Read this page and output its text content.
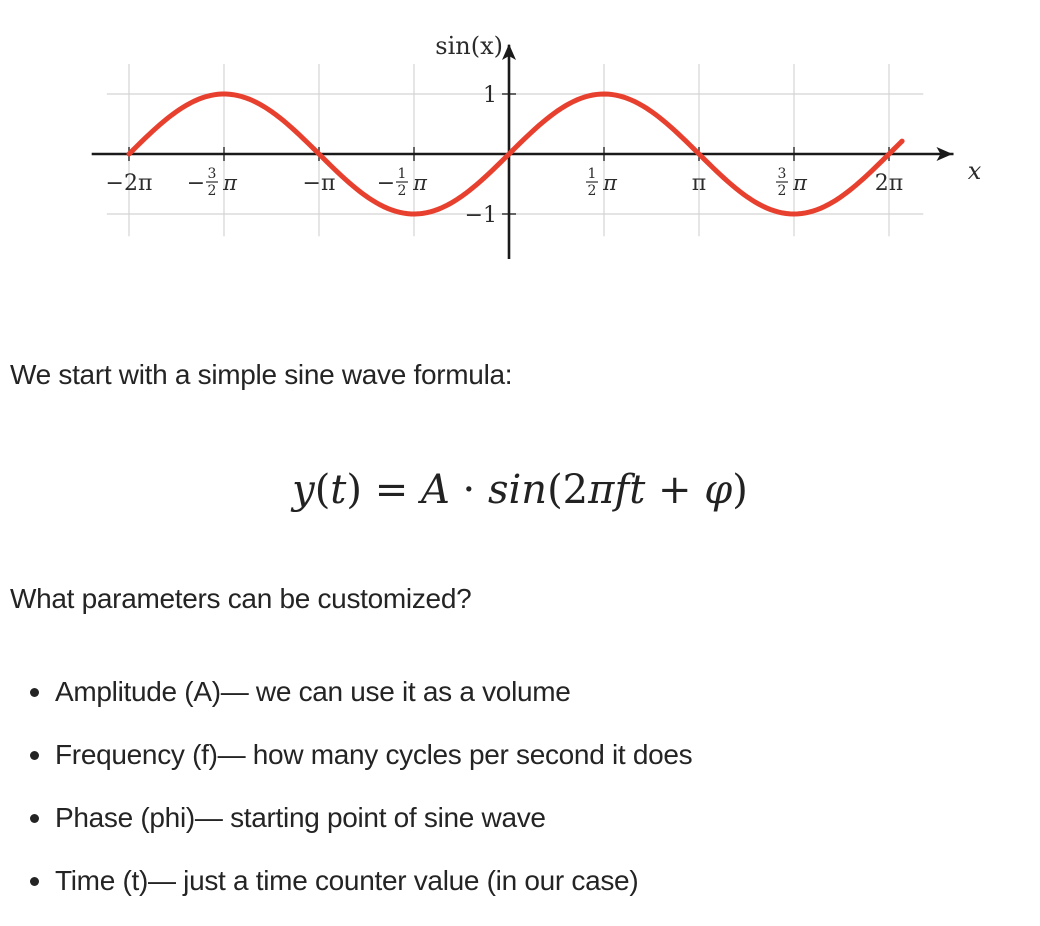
−2π − 3
2 π	−π − 1
2 π	1
2 π	π	3
2 π	2π
1
−1
sin(x)
x

We start with a simple sine wave formula:

y(t) = A · sin(2πft + φ)

What parameters can be customized?

Amplitude (A)— we can use it as a volume
Frequency (f)— how many cycles per second it does
Phase (phi)— starting point of sine wave
Time (t)— just a time counter value (in our case)
